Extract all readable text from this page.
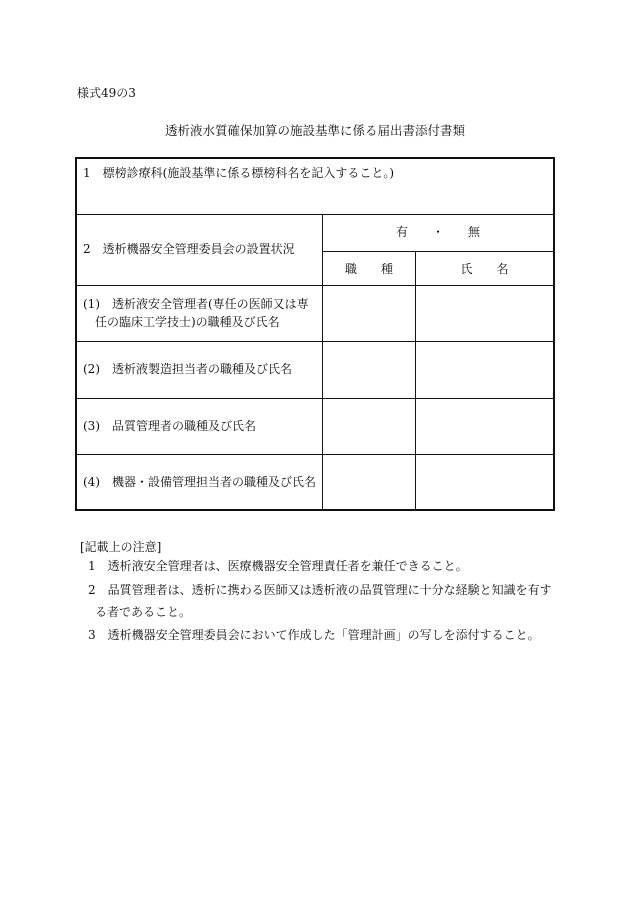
様式49の3
透析液水質確保加算の施設基準に係る届出書添付書類
1　標榜診療科(施設基準に係る標榜科名を記入すること。)
2　透析機器安全管理委員会の設置状況
有　　・　　無
職　　種	氏　　名
(1)　透析液安全管理者(専任の医師又は専
任の臨床工学技士)の職種及び氏名
(2)　透析液製造担当者の職種及び氏名
(3)　品質管理者の職種及び氏名
(4)　機器・設備管理担当者の職種及び氏名
[記載上の注意]
1　透析液安全管理者は、医療機器安全管理責任者を兼任できること。
2　品質管理者は、透析に携わる医師又は透析液の品質管理に十分な経験と知識を有す
る者であること。
3　透析機器安全管理委員会において作成した「管理計画」の写しを添付すること。
